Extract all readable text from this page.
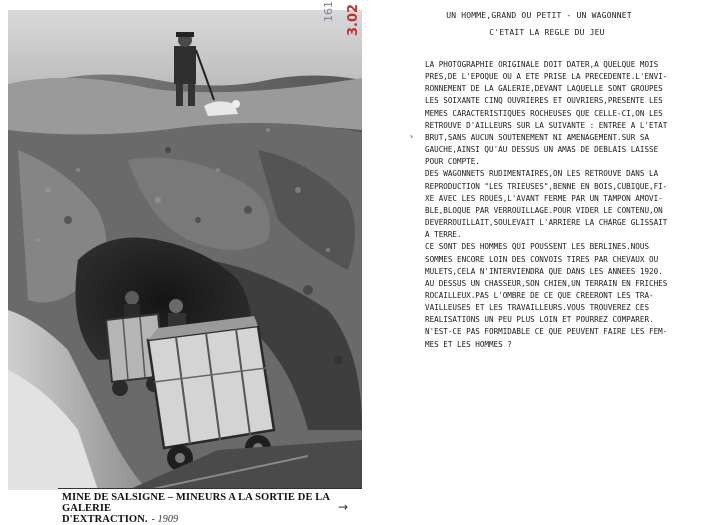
161 3.02
MINE DE SALSIGNE – MINEURS A LA SORTIE DE LA GALERIE
D'EXTRACTION. - 1909
→
UN HOMME,GRAND OU PETIT - UN WAGONNET
C'ETAIT LA REGLE DU JEU
›
LA PHOTOGRAPHIE ORIGINALE DOIT DATER,A QUELQUE MOIS
PRES,DE L'EPOQUE OU A ETE PRISE LA PRECEDENTE.L'ENVI-
RONNEMENT DE LA GALERIE,DEVANT LAQUELLE SONT GROUPES
LES SOIXANTE CINQ OUVRIERES ET OUVRIERS,PRESENTE LES
MEMES CARACTERISTIQUES ROCHEUSES QUE CELLE-CI,ON LES
RETROUVE D'AILLEURS SUR LA SUIVANTE : ENTREE A L'ETAT
BRUT,SANS AUCUN SOUTENEMENT NI AMENAGEMENT.SUR SA
GAUCHE,AINSI QU'AU DESSUS UN AMAS DE DEBLAIS LAISSE
POUR COMPTE.
DES WAGONNETS RUDIMENTAIRES,ON LES RETROUVE DANS LA
REPRODUCTION "LES TRIEUSES",BENNE EN BOIS,CUBIQUE,FI-
XE AVEC LES ROUES,L'AVANT FERME PAR UN TAMPON AMOVI-
BLE,BLOQUE PAR VERROUILLAGE.POUR VIDER LE CONTENU,ON
DEVERROUILLAIT,SOULEVAIT L'ARRIERE LA CHARGE GLISSAIT
A TERRE.
CE SONT DES HOMMES QUI POUSSENT LES BERLINES.NOUS
SOMMES ENCORE LOIN DES CONVOIS TIRES PAR CHEVAUX OU
MULETS,CELA N'INTERVIENDRA QUE DANS LES ANNEES 1920.
AU DESSUS UN CHASSEUR,SON CHIEN,UN TERRAIN EN FRICHES
ROCAILLEUX.PAS L'OMBRE DE CE QUE CREERONT LES TRA-
VAILLEUSES ET LES TRAVAILLEURS.VOUS TROUVEREZ CES
REALISATIONS UN PEU PLUS LOIN ET POURREZ COMPARER.
N'EST-CE PAS FORMIDABLE CE QUE PEUVENT FAIRE LES FEM-
MES ET LES HOMMES ?
